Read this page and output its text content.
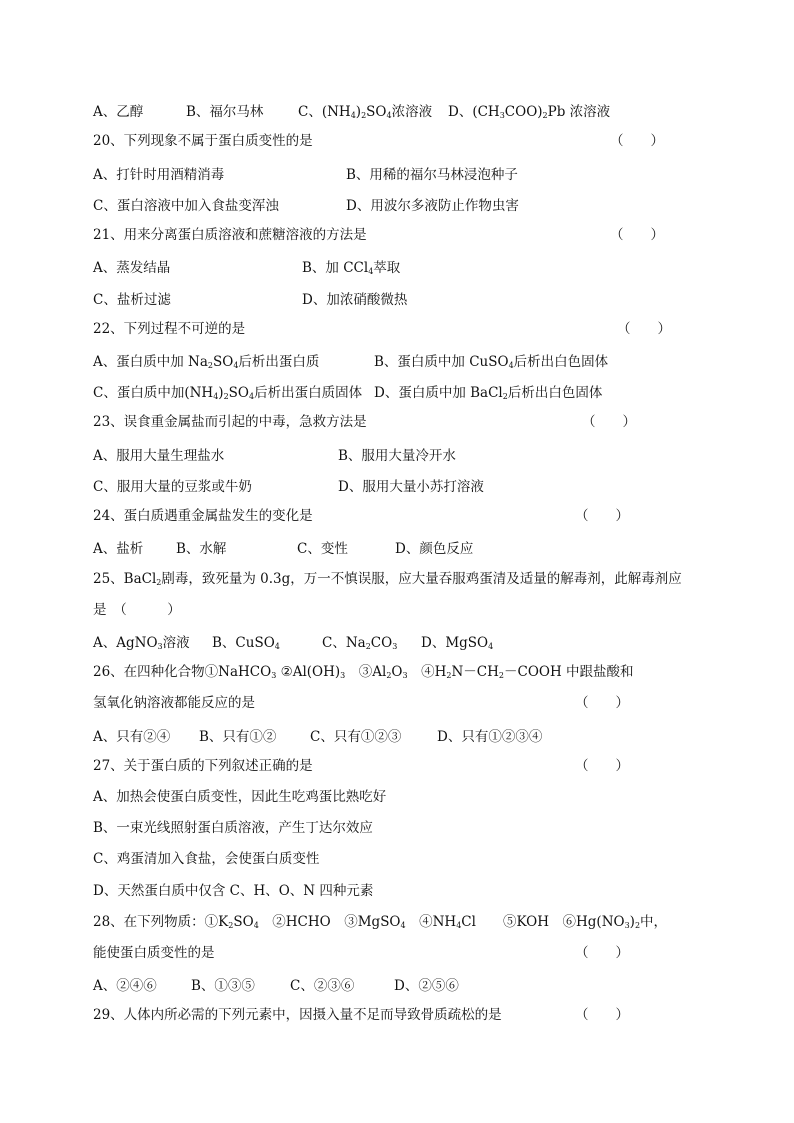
A、乙醇	B、福尔马林	C、$(NH_4)_2SO_4$浓溶液 D、$(CH_3COO)_2Pb$ 浓溶液
20、下列现象不属于蛋白质变性的是	（　　）
A、打针时用酒精消毒	B、用稀的福尔马林浸泡种子
C、蛋白溶液中加入食盐变浑浊	D、用波尔多液防止作物虫害
21、用来分离蛋白质溶液和蔗糖溶液的方法是	（　　）
A、蒸发结晶	B、加 CCl$_4$萃取
C、盐析过滤	D、加浓硝酸微热
22、下列过程不可逆的是	（　　）
A、蛋白质中加 $Na_2SO_4$后析出蛋白质	B、蛋白质中加 CuSO$_4$后析出白色固体
C、蛋白质中加$(NH_4)_2SO_4$后析出蛋白质固体 D、蛋白质中加 BaCl$_2$后析出白色固体
23、误食重金属盐而引起的中毒，急救方法是	（　　）
A、服用大量生理盐水	B、服用大量冷开水
C、服用大量的豆浆或牛奶	D、服用大量小苏打溶液
24、蛋白质遇重金属盐发生的变化是	（　　）
A、盐析 B、水解	C、变性	D、颜色反应
25、BaCl$_2$剧毒，致死量为 0.3g，万一不慎误服，应大量吞服鸡蛋清及适量的解毒剂，此解毒剂应
是　（　　　）
A、AgNO$_3$溶液 B、CuSO$_4$	C、$Na_2CO_3$ D、MgSO$_4$
26、在四种化合物①NaHCO$_3$ $②Al(OH)_3$　$③Al_2O_3$　$④H_2N-CH_2-COOH$ 中跟盐酸和
氢氧化钠溶液都能反应的是	（　　）
A、只有②④ B、只有①② C、只有①②③	D、只有①②③④
27、关于蛋白质的下列叙述正确的是	（　　）
A、加热会使蛋白质变性，因此生吃鸡蛋比熟吃好
B、一束光线照射蛋白质溶液，产生丁达尔效应
C、鸡蛋清加入食盐，会使蛋白质变性
D、天然蛋白质中仅含 C、H、O、N 四种元素
28、在下列物质：$①K_2SO_4$　②HCHO　③MgSO$_4$　$④NH_4Cl$　　⑤KOH　$⑥Hg(NO_3)_2$中，
能使蛋白质变性的是	（　　）
A、②④⑥	B、①③⑤	C、②③⑥	D、②⑤⑥
29、人体内所必需的下列元素中，因摄入量不足而导致骨质疏松的是	（　　）
